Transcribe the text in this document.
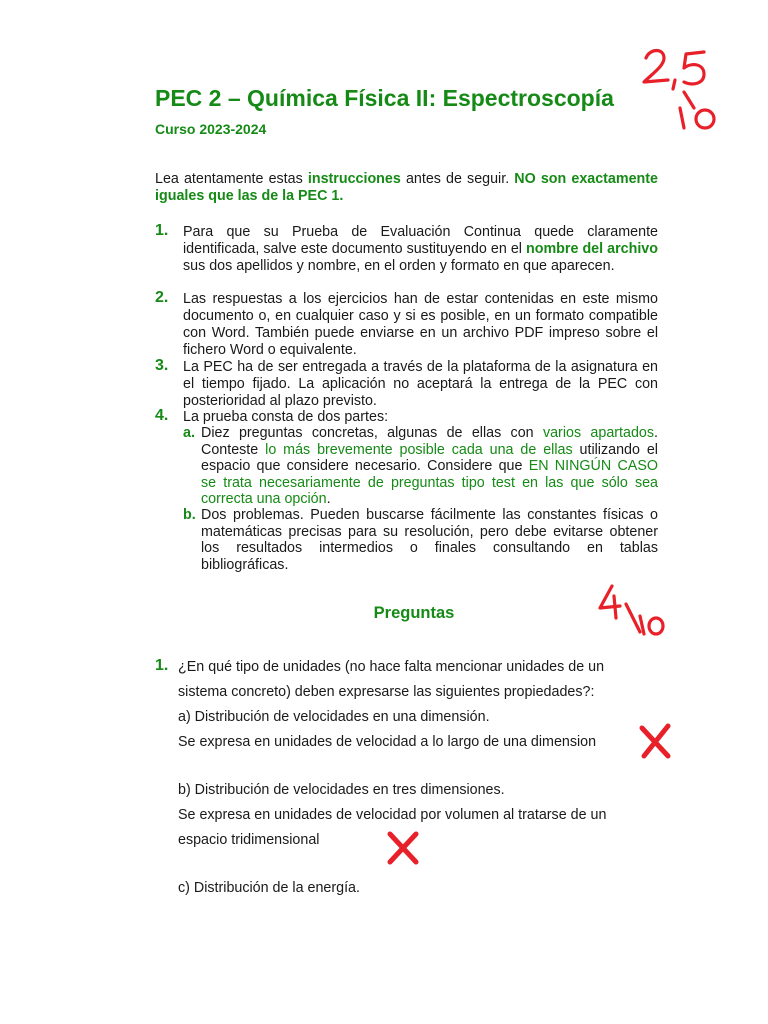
PEC 2 – Química Física II: Espectroscopía
Curso 2023-2024
Lea atentamente estas instrucciones antes de seguir. NO son exactamente iguales que las de la PEC 1.
1. Para que su Prueba de Evaluación Continua quede claramente identificada, salve este documento sustituyendo en el nombre del archivo sus dos apellidos y nombre, en el orden y formato en que aparecen.
2. Las respuestas a los ejercicios han de estar contenidas en este mismo documento o, en cualquier caso y si es posible, en un formato compatible con Word. También puede enviarse en un archivo PDF impreso sobre el fichero Word o equivalente.
3. La PEC ha de ser entregada a través de la plataforma de la asignatura en el tiempo fijado. La aplicación no aceptará la entrega de la PEC con posterioridad al plazo previsto.
4. La prueba consta de dos partes:
a. Diez preguntas concretas, algunas de ellas con varios apartados. Conteste lo más brevemente posible cada una de ellas utilizando el espacio que considere necesario. Considere que EN NINGÚN CASO se trata necesariamente de preguntas tipo test en las que sólo sea correcta una opción.
b. Dos problemas. Pueden buscarse fácilmente las constantes físicas o matemáticas precisas para su resolución, pero debe evitarse obtener los resultados intermedios o finales consultando en tablas bibliográficas.
Preguntas
1. ¿En qué tipo de unidades (no hace falta mencionar unidades de un
sistema concreto) deben expresarse las siguientes propiedades?:
a) Distribución de velocidades en una dimensión.
Se expresa en unidades de velocidad a lo largo de una dimension
b) Distribución de velocidades en tres dimensiones.
Se expresa en unidades de velocidad por volumen al tratarse de un
espacio tridimensional
c) Distribución de la energía.
